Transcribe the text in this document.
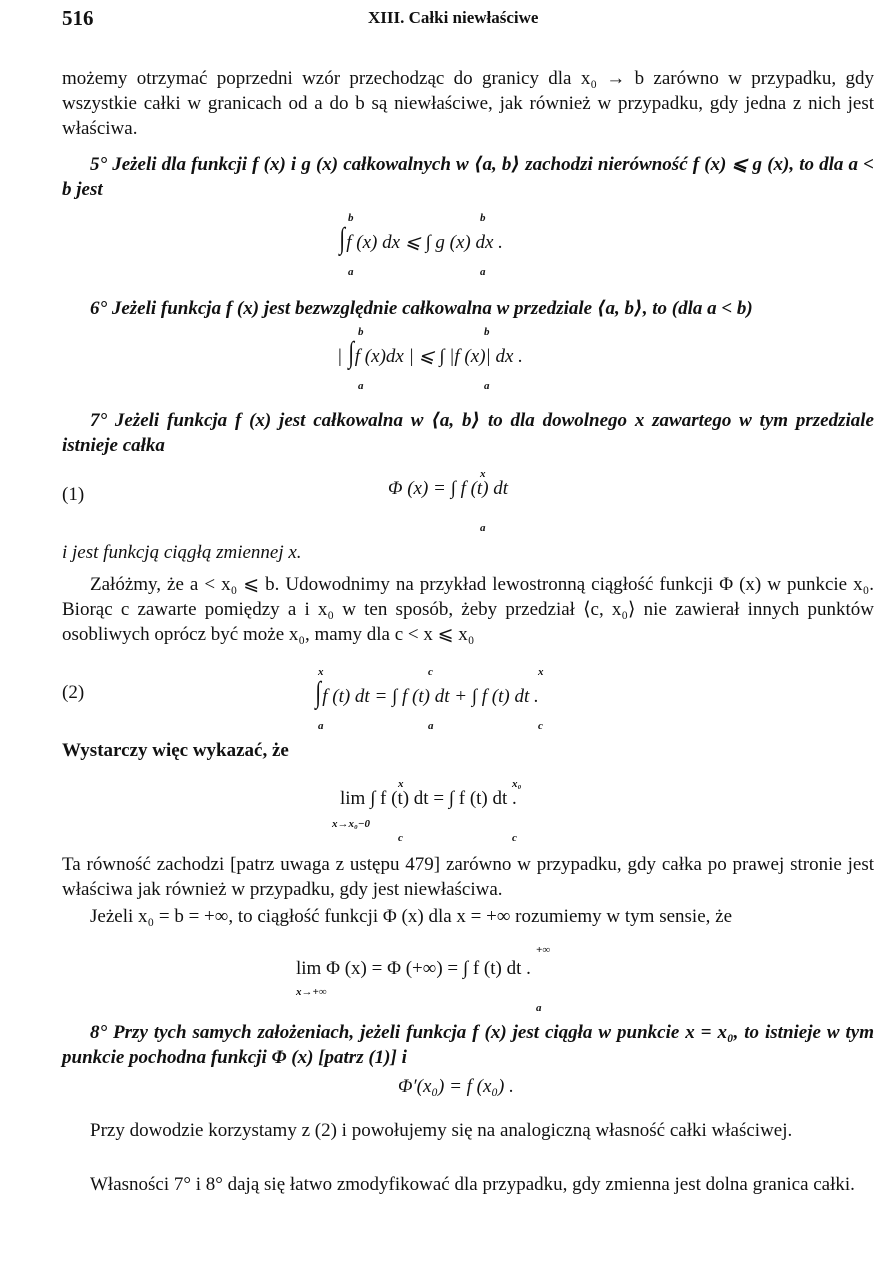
516	XIII. Całki niewłaściwe
możemy otrzymać poprzedni wzór przechodząc do granicy dla x₀ → b zarówno w przypadku, gdy wszystkie całki w granicach od a do b są niewłaściwe, jak również w przypadku, gdy jedna z nich jest właściwa.
5° Jeżeli dla funkcji f (x) i g (x) całkowalnych w ⟨a, b⟩ zachodzi nierówność f (x) ⩽ g (x), to dla a < b jest
b
a
∫f (x) dx ⩽ ∫ g (x) dx .
b
a
6° Jeżeli funkcja f (x) jest bezwzględnie całkowalna w przedziale ⟨a, b⟩, to (dla a < b)
b
a
| ∫f (x)dx | ⩽ ∫ |f (x)| dx .
b
a
7° Jeżeli funkcja f (x) jest całkowalna w ⟨a, b⟩ to dla dowolnego x zawartego w tym przedziale istnieje całka
(1)
x
a
Φ (x) = ∫ f (t) dt
i jest funkcją ciągłą zmiennej x.
Załóżmy, że a < x₀ ⩽ b. Udowodnimy na przykład lewostronną ciągłość funkcji Φ (x) w punkcie x₀. Biorąc c zawarte pomiędzy a i x₀ w ten sposób, żeby przedział ⟨c, x₀⟩ nie zawierał innych punktów osobliwych oprócz być może x₀, mamy dla c < x ⩽ x₀
(2)
x
a
c
a
x
c
∫f (t) dt = ∫ f (t) dt + ∫ f (t) dt .
Wystarczy więc wykazać, że
x
c
x₀
c
lim ∫ f (t) dt = ∫ f (t) dt .
x→x₀−0
Ta równość zachodzi [patrz uwaga z ustępu 479] zarówno w przypadku, gdy całka po prawej stronie jest właściwa jak również w przypadku, gdy jest niewłaściwa.
Jeżeli x₀ = b = +∞, to ciągłość funkcji Φ (x) dla x = +∞ rozumiemy w tym sensie, że
+∞
a
lim Φ (x) = Φ (+∞) = ∫ f (t) dt .
x→+∞
8° Przy tych samych założeniach, jeżeli funkcja f (x) jest ciągła w punkcie x = x₀, to istnieje w tym punkcie pochodna funkcji Φ (x) [patrz (1)] i
Φ′(x₀) = f (x₀) .
Przy dowodzie korzystamy z (2) i powołujemy się na analogiczną własność całki właściwej.
Własności 7° i 8° dają się łatwo zmodyfikować dla przypadku, gdy zmienna jest dolna granica całki.
